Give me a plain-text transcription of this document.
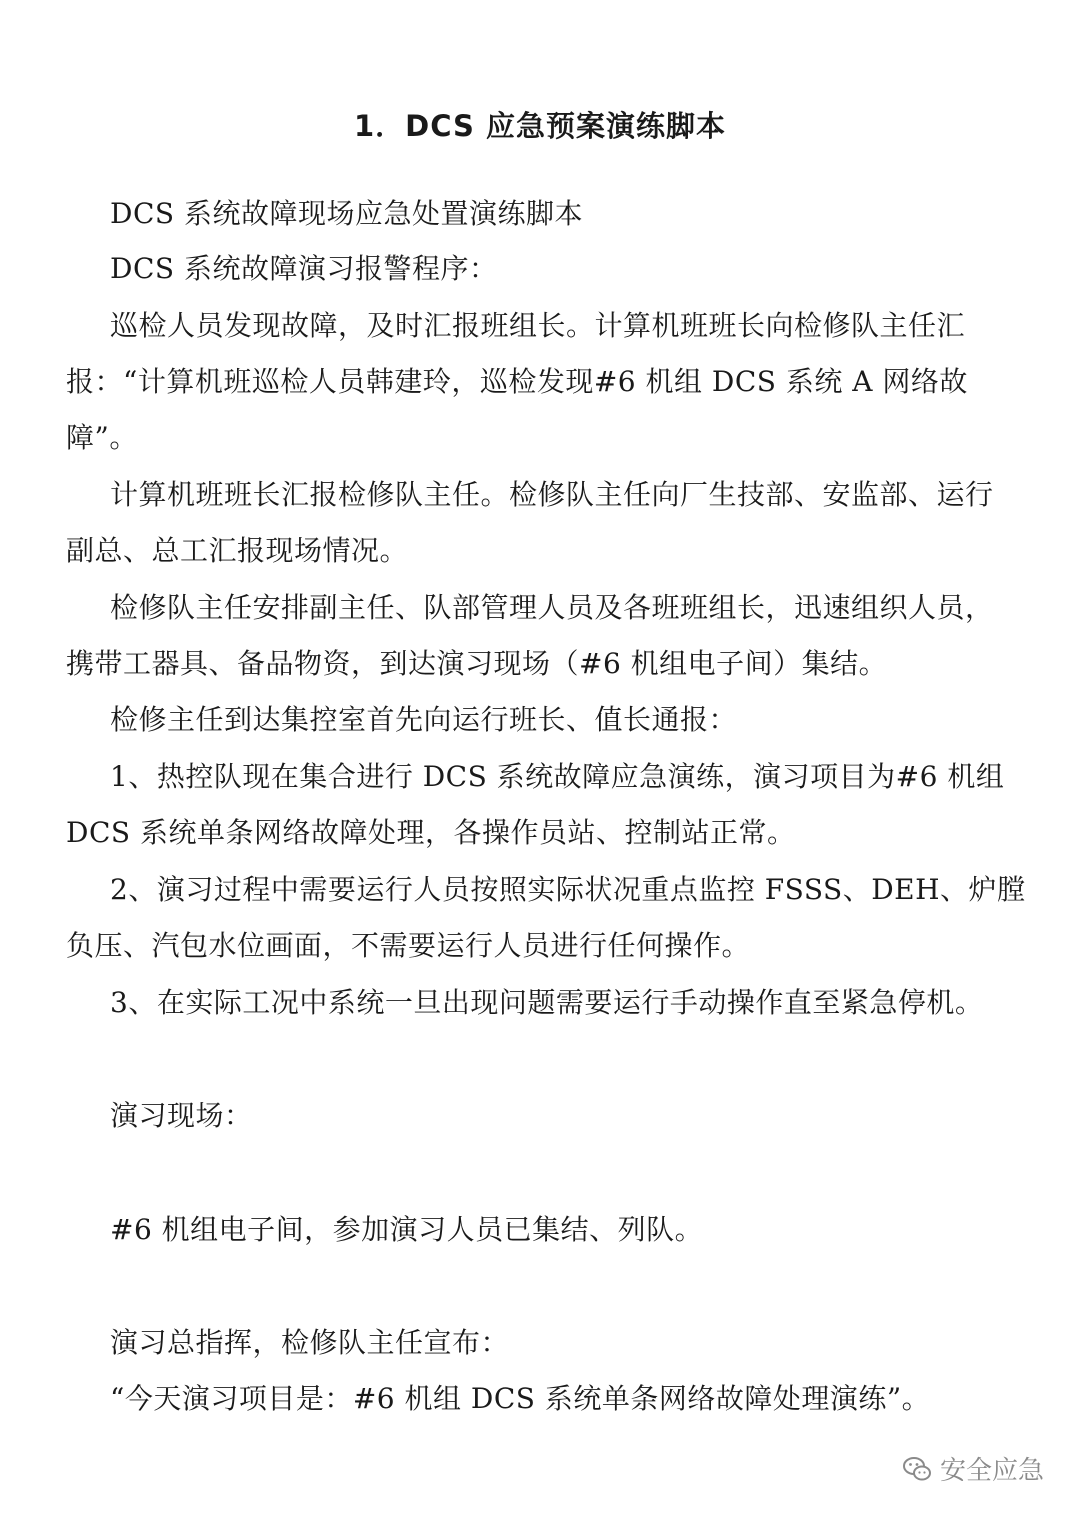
1．DCS 应急预案演练脚本
DCS 系统故障现场应急处置演练脚本
DCS 系统故障演习报警程序：
巡检人员发现故障，及时汇报班组长。计算机班班长向检修队主任汇
报：“计算机班巡检人员韩建玲，巡检发现#6 机组 DCS 系统 A 网络故
障”。
计算机班班长汇报检修队主任。检修队主任向厂生技部、安监部、运行
副总、总工汇报现场情况。
检修队主任安排副主任、队部管理人员及各班班组长，迅速组织人员，
携带工器具、备品物资，到达演习现场（#6 机组电子间）集结。
检修主任到达集控室首先向运行班长、值长通报：
1、热控队现在集合进行 DCS 系统故障应急演练，演习项目为#6 机组
DCS 系统单条网络故障处理，各操作员站、控制站正常。
2、演习过程中需要运行人员按照实际状况重点监控 FSSS、DEH、炉膛
负压、汽包水位画面，不需要运行人员进行任何操作。
3、在实际工况中系统一旦出现问题需要运行手动操作直至紧急停机。
演习现场：
#6 机组电子间，参加演习人员已集结、列队。
演习总指挥，检修队主任宣布：
“今天演习项目是：#6 机组 DCS 系统单条网络故障处理演练”。
安全应急
